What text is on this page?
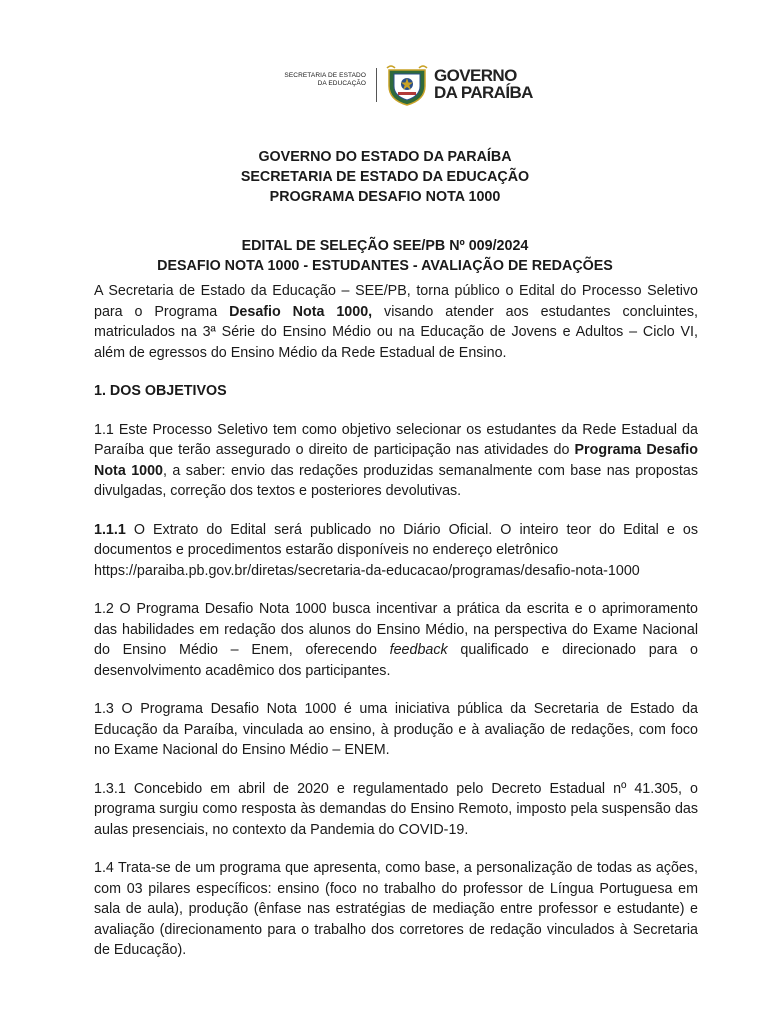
SECRETARIA DE ESTADO
DA EDUCAÇÃO	GOVERNO
DA PARAÍBA
GOVERNO DO ESTADO DA PARAÍBA
SECRETARIA DE ESTADO DA EDUCAÇÃO
PROGRAMA DESAFIO NOTA 1000
EDITAL DE SELEÇÃO SEE/PB Nº 009/2024
DESAFIO NOTA 1000 - ESTUDANTES - AVALIAÇÃO DE REDAÇÕES

A Secretaria de Estado da Educação – SEE/PB, torna público o Edital do Processo Seletivo para o Programa Desafio Nota 1000, visando atender aos estudantes concluintes, matriculados na 3ª Série do Ensino Médio ou na Educação de Jovens e Adultos – Ciclo VI, além de egressos do Ensino Médio da Rede Estadual de Ensino.

1. DOS OBJETIVOS

1.1 Este Processo Seletivo tem como objetivo selecionar os estudantes da Rede Estadual da Paraíba que terão assegurado o direito de participação nas atividades do Programa Desafio Nota 1000, a saber: envio das redações produzidas semanalmente com base nas propostas divulgadas, correção dos textos e posteriores devolutivas.

1.1.1 O Extrato do Edital será publicado no Diário Oficial. O inteiro teor do Edital e os documentos e procedimentos estarão disponíveis no endereço eletrônico
https://paraiba.pb.gov.br/diretas/secretaria-da-educacao/programas/desafio-nota-1000

1.2 O Programa Desafio Nota 1000 busca incentivar a prática da escrita e o aprimoramento das habilidades em redação dos alunos do Ensino Médio, na perspectiva do Exame Nacional do Ensino Médio – Enem, oferecendo feedback qualificado e direcionado para o desenvolvimento acadêmico dos participantes.

1.3 O Programa Desafio Nota 1000 é uma iniciativa pública da Secretaria de Estado da Educação da Paraíba, vinculada ao ensino, à produção e à avaliação de redações, com foco no Exame Nacional do Ensino Médio – ENEM.

1.3.1 Concebido em abril de 2020 e regulamentado pelo Decreto Estadual nº 41.305, o programa surgiu como resposta às demandas do Ensino Remoto, imposto pela suspensão das aulas presenciais, no contexto da Pandemia do COVID-19.

1.4 Trata-se de um programa que apresenta, como base, a personalização de todas as ações, com 03 pilares específicos: ensino (foco no trabalho do professor de Língua Portuguesa em sala de aula), produção (ênfase nas estratégias de mediação entre professor e estudante) e avaliação (direcionamento para o trabalho dos corretores de redação vinculados à Secretaria de Educação).
